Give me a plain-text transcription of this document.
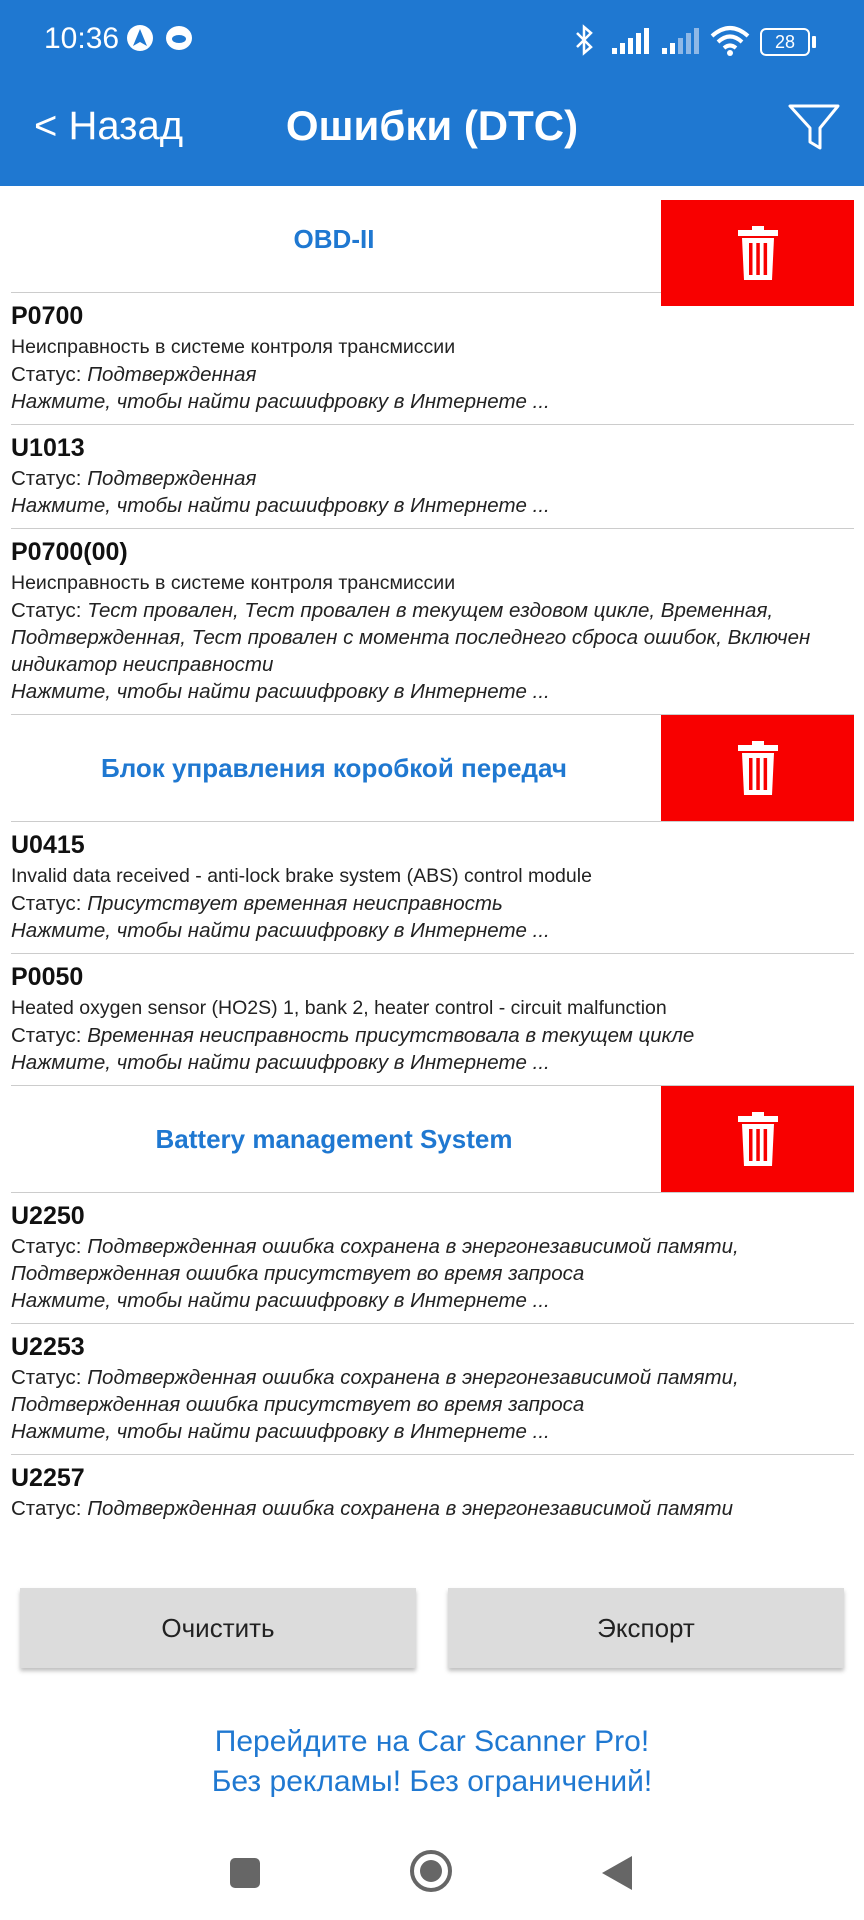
10:36	28
< Назад	Ошибки (DTC)
OBD-II
P0700
Неисправность в системе контроля трансмиссии
Статус: Подтвержденная
Нажмите, чтобы найти расшифровку в Интернете ...
U1013
Статус: Подтвержденная
Нажмите, чтобы найти расшифровку в Интернете ...
P0700(00)
Неисправность в системе контроля трансмиссии
Статус: Тест провален, Тест провален в текущем ездовом цикле, Временная, Подтвержденная, Тест провален с момента последнего сброса ошибок, Включен индикатор неисправности
Нажмите, чтобы найти расшифровку в Интернете ...
Блок управления коробкой передач
U0415
Invalid data received - anti-lock brake system (ABS) control module
Статус: Присутствует временная неисправность
Нажмите, чтобы найти расшифровку в Интернете ...
P0050
Heated oxygen sensor (HO2S) 1, bank 2, heater control - circuit malfunction
Статус: Временная неисправность присутствовала в текущем цикле
Нажмите, чтобы найти расшифровку в Интернете ...
Battery management System
U2250
Статус: Подтвержденная ошибка сохранена в энергонезависимой памяти, Подтвержденная ошибка присутствует во время запроса
Нажмите, чтобы найти расшифровку в Интернете ...
U2253
Статус: Подтвержденная ошибка сохранена в энергонезависимой памяти, Подтвержденная ошибка присутствует во время запроса
Нажмите, чтобы найти расшифровку в Интернете ...
U2257
Статус: Подтвержденная ошибка сохранена в энергонезависимой памяти
Очистить	Экспорт
Перейдите на Car Scanner Pro!
Без рекламы! Без ограничений!
